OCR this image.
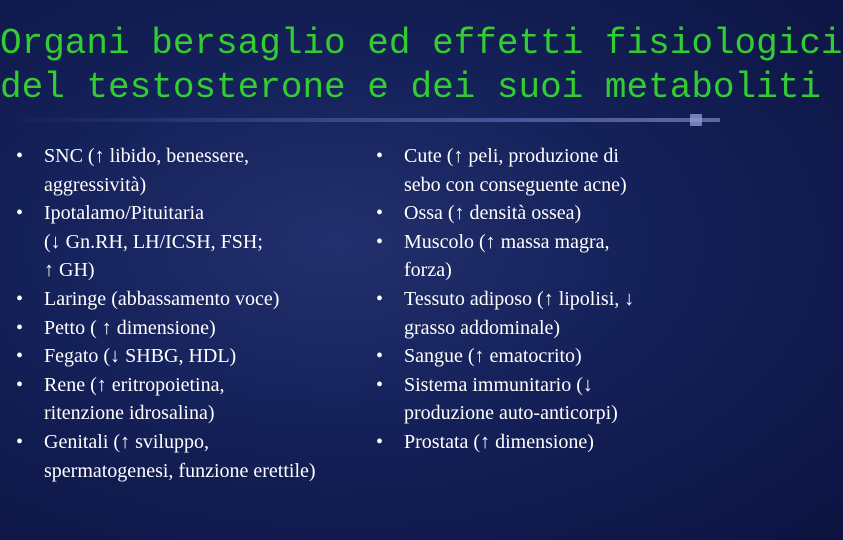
Organi bersaglio ed effetti fisiologici
del testosterone e dei suoi metaboliti
• SNC (↑ libido, benessere,
aggressività)
• Ipotalamo/Pituitaria
(↓ Gn.RH, LH/ICSH, FSH;
↑ GH)
• Laringe (abbassamento voce)
• Petto ( ↑ dimensione)
• Fegato (↓ SHBG, HDL)
• Rene (↑ eritropoietina,
ritenzione idrosalina)
• Genitali (↑ sviluppo,
spermatogenesi, funzione erettile)
• Cute (↑ peli, produzione di
sebo con conseguente acne)
• Ossa (↑ densità ossea)
• Muscolo (↑ massa magra,
forza)
• Tessuto adiposo (↑ lipolisi, ↓
grasso addominale)
• Sangue (↑ ematocrito)
• Sistema immunitario (↓
produzione auto-anticorpi)
• Prostata (↑ dimensione)
